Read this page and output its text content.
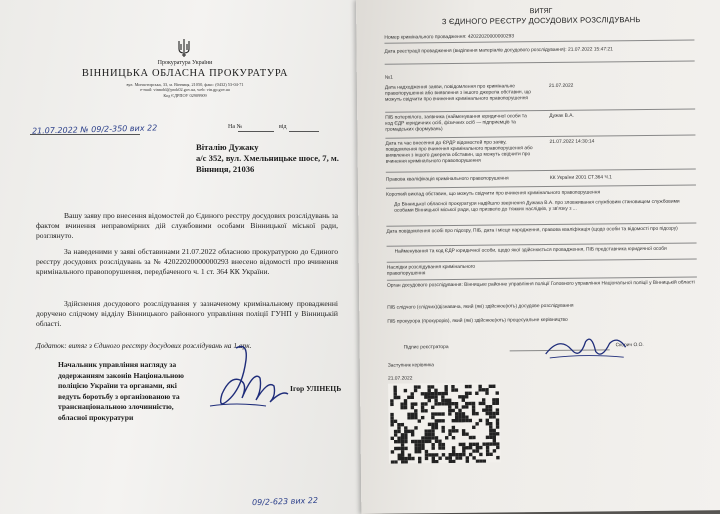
Прокуратура України
ВІННИЦЬКА ОБЛАСНА ПРОКУРАТУРА
вул. Монастирська, 33, м. Вінниця, 21050, факс: (0432) 53-04-71
e-mail: vinnobl@prok02.gov.ua, web: vin.gp.gov.ua
Код ЄДРПОУ 02909909
21.07.2022 № 09/2-350 вих 22	На №	від
Віталію Дужаку
а/с 352, вул. Хмельницьке шосе, 7, м. Вінниця, 21036
Вашу заяву про внесення відомостей до Єдиного реєстру досудових розслідувань за фактом вчинення неправомірних дій службовими особами Вінницької міської ради, розглянуто.
За наведеними у заяві обставинами 21.07.2022 обласною прокуратурою до Єдиного реєстру досудових розслідувань за № 42022020000000293 внесено відомості про вчинення кримінального правопорушення, передбаченого ч. 1 ст. 364 КК України.
Здійснення досудового розслідування у зазначеному кримінальному провадженні доручено слідчому відділу Вінницького районного управління поліції ГУНП у Вінницькій області.
Додаток: витяг з Єдиного реєстру досудових розслідувань на 1 арк.
Начальник управління нагляду за додержанням законів Національною поліцією України та органами, які ведуть боротьбу з організованою та транснаціональною злочинністю, обласної прокуратури
Ігор УЛІНЕЦЬ
09/2-623 вих 22
ВИТЯГ
З ЄДИНОГО РЕЄСТРУ ДОСУДОВИХ РОЗСЛІДУВАНЬ
Номер кримінального провадження: 42022020000000293
Дата реєстрації провадження (виділення матеріалів досудового розслідування): 21.07.2022 15:47:21
№1
Дата надходження заяви, повідомлення про кримінальне правопорушення або виявлення з іншого джерела обставин, що можуть свідчити про вчинення кримінального правопорушення
21.07.2022
ПІБ потерпілого, заявника (найменування юридичної особи та код ЄДР юридичних осіб, фізичних осіб — підприємців та громадських формувань)
Дужак В.А.
Дата та час внесення до ЄРДР відомостей про заяву, повідомлення про вчинення кримінального правопорушення або виявлення з іншого джерела обставин, що можуть свідчити про вчинення кримінального правопорушення
21.07.2022 14:30:14
Правова кваліфікація кримінального правопорушення	КК України 2001 СТ.364 Ч.1
Короткий виклад обставин, що можуть свідчити про вчинення кримінального правопорушення
До Вінницької обласної прокуратури надійшло звернення Дужака В.А. про зловживання службовим становищем службовими особами Вінницької міської ради, що призвело до тяжких наслідків, у зв'язку з ...
Дата повідомлення особі про підозру, ПІБ, дата і місце народження, правова кваліфікація (щодо особи та відомості про підозру)
Найменування та код ЄДР юридичної особи, щодо якої здійснюється провадження, ПІБ представника юридичної особи
Наслідки розслідування кримінального правопорушення
Орган досудового розслідування: Вінницьке районне управління поліції Головного управління Національної поліції у Вінницькій області
ПІБ слідчого (слідчих)/дізнавача, який (які) здійснює(ють) досудове розслідування
ПІБ прокурора (прокурорів), який (які) здійснює(ють) процесуальне керівництво
Підпис реєстратора	Скорич О.О.
Заступник керівника
21.07.2022
